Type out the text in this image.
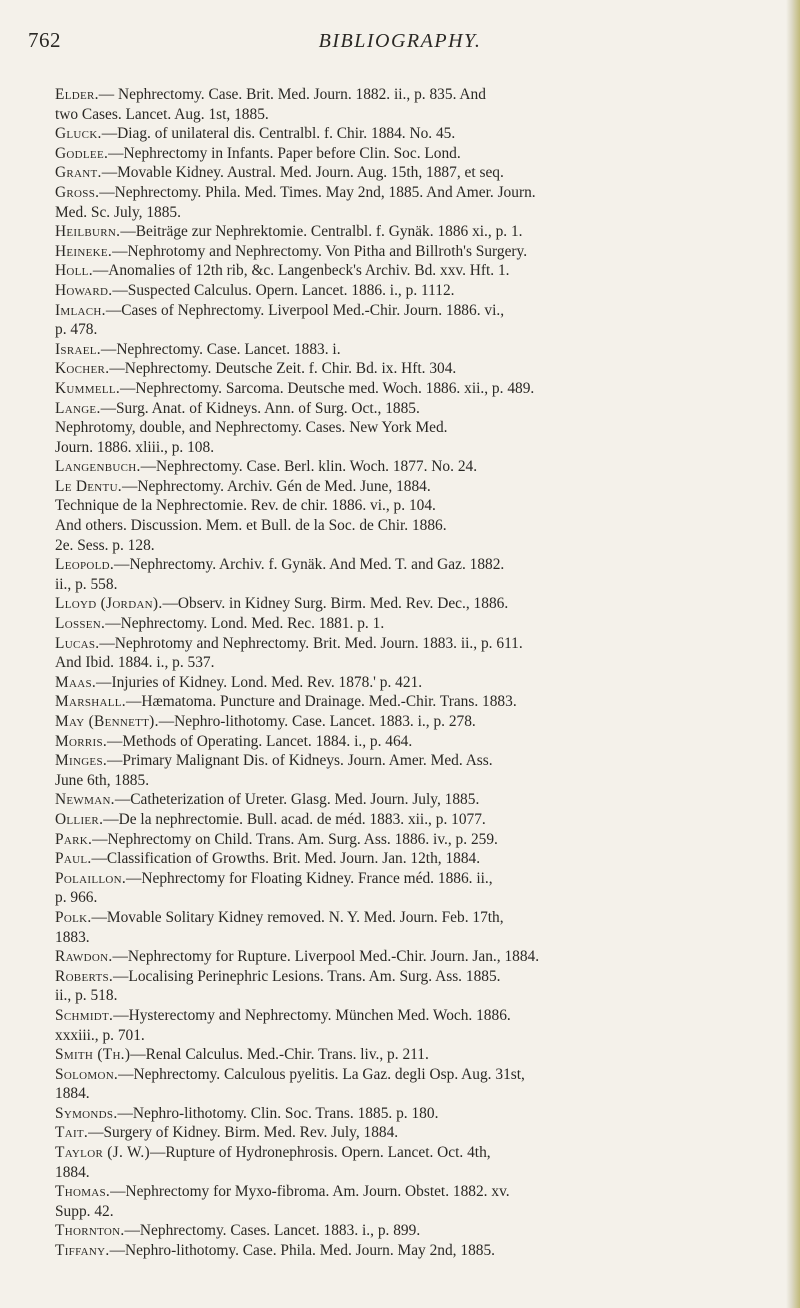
762	BIBLIOGRAPHY.
Elder.— Nephrectomy. Case. Brit. Med. Journ. 1882. ii., p. 835. And
two Cases. Lancet. Aug. 1st, 1885.
Gluck.—Diag. of unilateral dis. Centralbl. f. Chir. 1884. No. 45.
Godlee.—Nephrectomy in Infants. Paper before Clin. Soc. Lond.
Grant.—Movable Kidney. Austral. Med. Journ. Aug. 15th, 1887, et seq.
Gross.—Nephrectomy. Phila. Med. Times. May 2nd, 1885. And Amer. Journ.
Med. Sc. July, 1885.
Heilburn.—Beiträge zur Nephrektomie. Centralbl. f. Gynäk. 1886 xi., p. 1.
Heineke.—Nephrotomy and Nephrectomy. Von Pitha and Billroth's Surgery.
Holl.—Anomalies of 12th rib, &c. Langenbeck's Archiv. Bd. xxv. Hft. 1.
Howard.—Suspected Calculus. Opern. Lancet. 1886. i., p. 1112.
Imlach.—Cases of Nephrectomy. Liverpool Med.-Chir. Journ. 1886. vi.,
p. 478.
Israel.—Nephrectomy. Case. Lancet. 1883. i.
Kocher.—Nephrectomy. Deutsche Zeit. f. Chir. Bd. ix. Hft. 304.
Kummell.—Nephrectomy. Sarcoma. Deutsche med. Woch. 1886. xii., p. 489.
Lange.—Surg. Anat. of Kidneys. Ann. of Surg. Oct., 1885.
Nephrotomy, double, and Nephrectomy. Cases. New York Med.
Journ. 1886. xliii., p. 108.
Langenbuch.—Nephrectomy. Case. Berl. klin. Woch. 1877. No. 24.
Le Dentu.—Nephrectomy. Archiv. Gén de Med. June, 1884.
Technique de la Nephrectomie. Rev. de chir. 1886. vi., p. 104.
And others. Discussion. Mem. et Bull. de la Soc. de Chir. 1886.
2e. Sess. p. 128.
Leopold.—Nephrectomy. Archiv. f. Gynäk. And Med. T. and Gaz. 1882.
ii., p. 558.
Lloyd (Jordan).—Observ. in Kidney Surg. Birm. Med. Rev. Dec., 1886.
Lossen.—Nephrectomy. Lond. Med. Rec. 1881. p. 1.
Lucas.—Nephrotomy and Nephrectomy. Brit. Med. Journ. 1883. ii., p. 611.
And Ibid. 1884. i., p. 537.
Maas.—Injuries of Kidney. Lond. Med. Rev. 1878.' p. 421.
Marshall.—Hæmatoma. Puncture and Drainage. Med.-Chir. Trans. 1883.
May (Bennett).—Nephro-lithotomy. Case. Lancet. 1883. i., p. 278.
Morris.—Methods of Operating. Lancet. 1884. i., p. 464.
Minges.—Primary Malignant Dis. of Kidneys. Journ. Amer. Med. Ass.
June 6th, 1885.
Newman.—Catheterization of Ureter. Glasg. Med. Journ. July, 1885.
Ollier.—De la nephrectomie. Bull. acad. de méd. 1883. xii., p. 1077.
Park.—Nephrectomy on Child. Trans. Am. Surg. Ass. 1886. iv., p. 259.
Paul.—Classification of Growths. Brit. Med. Journ. Jan. 12th, 1884.
Polaillon.—Nephrectomy for Floating Kidney. France méd. 1886. ii.,
p. 966.
Polk.—Movable Solitary Kidney removed. N. Y. Med. Journ. Feb. 17th,
1883.
Rawdon.—Nephrectomy for Rupture. Liverpool Med.-Chir. Journ. Jan., 1884.
Roberts.—Localising Perinephric Lesions. Trans. Am. Surg. Ass. 1885.
ii., p. 518.
Schmidt.—Hysterectomy and Nephrectomy. München Med. Woch. 1886.
xxxiii., p. 701.
Smith (Th.)—Renal Calculus. Med.-Chir. Trans. liv., p. 211.
Solomon.—Nephrectomy. Calculous pyelitis. La Gaz. degli Osp. Aug. 31st,
1884.
Symonds.—Nephro-lithotomy. Clin. Soc. Trans. 1885. p. 180.
Tait.—Surgery of Kidney. Birm. Med. Rev. July, 1884.
Taylor (J. W.)—Rupture of Hydronephrosis. Opern. Lancet. Oct. 4th,
1884.
Thomas.—Nephrectomy for Myxo-fibroma. Am. Journ. Obstet. 1882. xv.
Supp. 42.
Thornton.—Nephrectomy. Cases. Lancet. 1883. i., p. 899.
Tiffany.—Nephro-lithotomy. Case. Phila. Med. Journ. May 2nd, 1885.
